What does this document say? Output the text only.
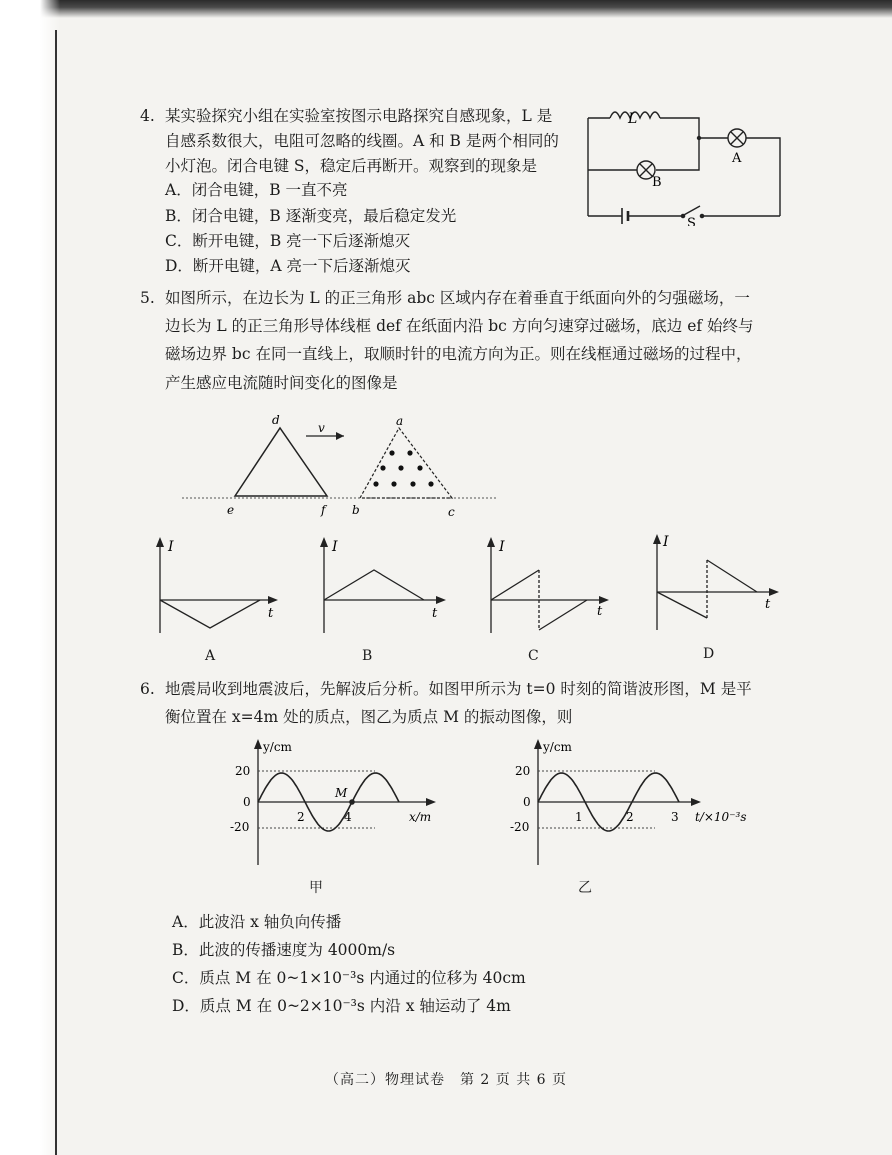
4. 某实验探究小组在实验室按图示电路探究自感现象，L 是
自感系数很大，电阻可忽略的线圈。A 和 B 是两个相同的
小灯泡。闭合电键 S，稳定后再断开。观察到的现象是
A．闭合电键，B 一直不亮
B．闭合电键，B 逐渐变亮，最后稳定发光
C．断开电键，B 亮一下后逐渐熄灭
D．断开电键，A 亮一下后逐渐熄灭
L
A
B
S
5. 如图所示，在边长为 L 的正三角形 abc 区域内存在着垂直于纸面向外的匀强磁场，一
边长为 L 的正三角形导体线框 def 在纸面内沿 bc 方向匀速穿过磁场，底边 ef 始终与
磁场边界 bc 在同一直线上，取顺时针的电流方向为正。则在线框通过磁场的过程中，
产生感应电流随时间变化的图像是
d
e	f
v	a
b	c
I
t
A
I
t
B
I
t
C
I
t
D
6. 地震局收到地震波后，先解波后分析。如图甲所示为 t=0 时刻的简谐波形图，M 是平
衡位置在 x=4m 处的质点，图乙为质点 M 的振动图像，则
y/cm
20
0
-20
2	4
M
x/m
甲
y/cm
20
0
-20
1	2	3 t/×10⁻³s
乙
A．此波沿 x 轴负向传播
B．此波的传播速度为 4000m/s
C．质点 M 在 0~1×10⁻³s 内通过的位移为 40cm
D．质点 M 在 0~2×10⁻³s 内沿 x 轴运动了 4m
（高二）物理试卷　第 2 页 共 6 页
